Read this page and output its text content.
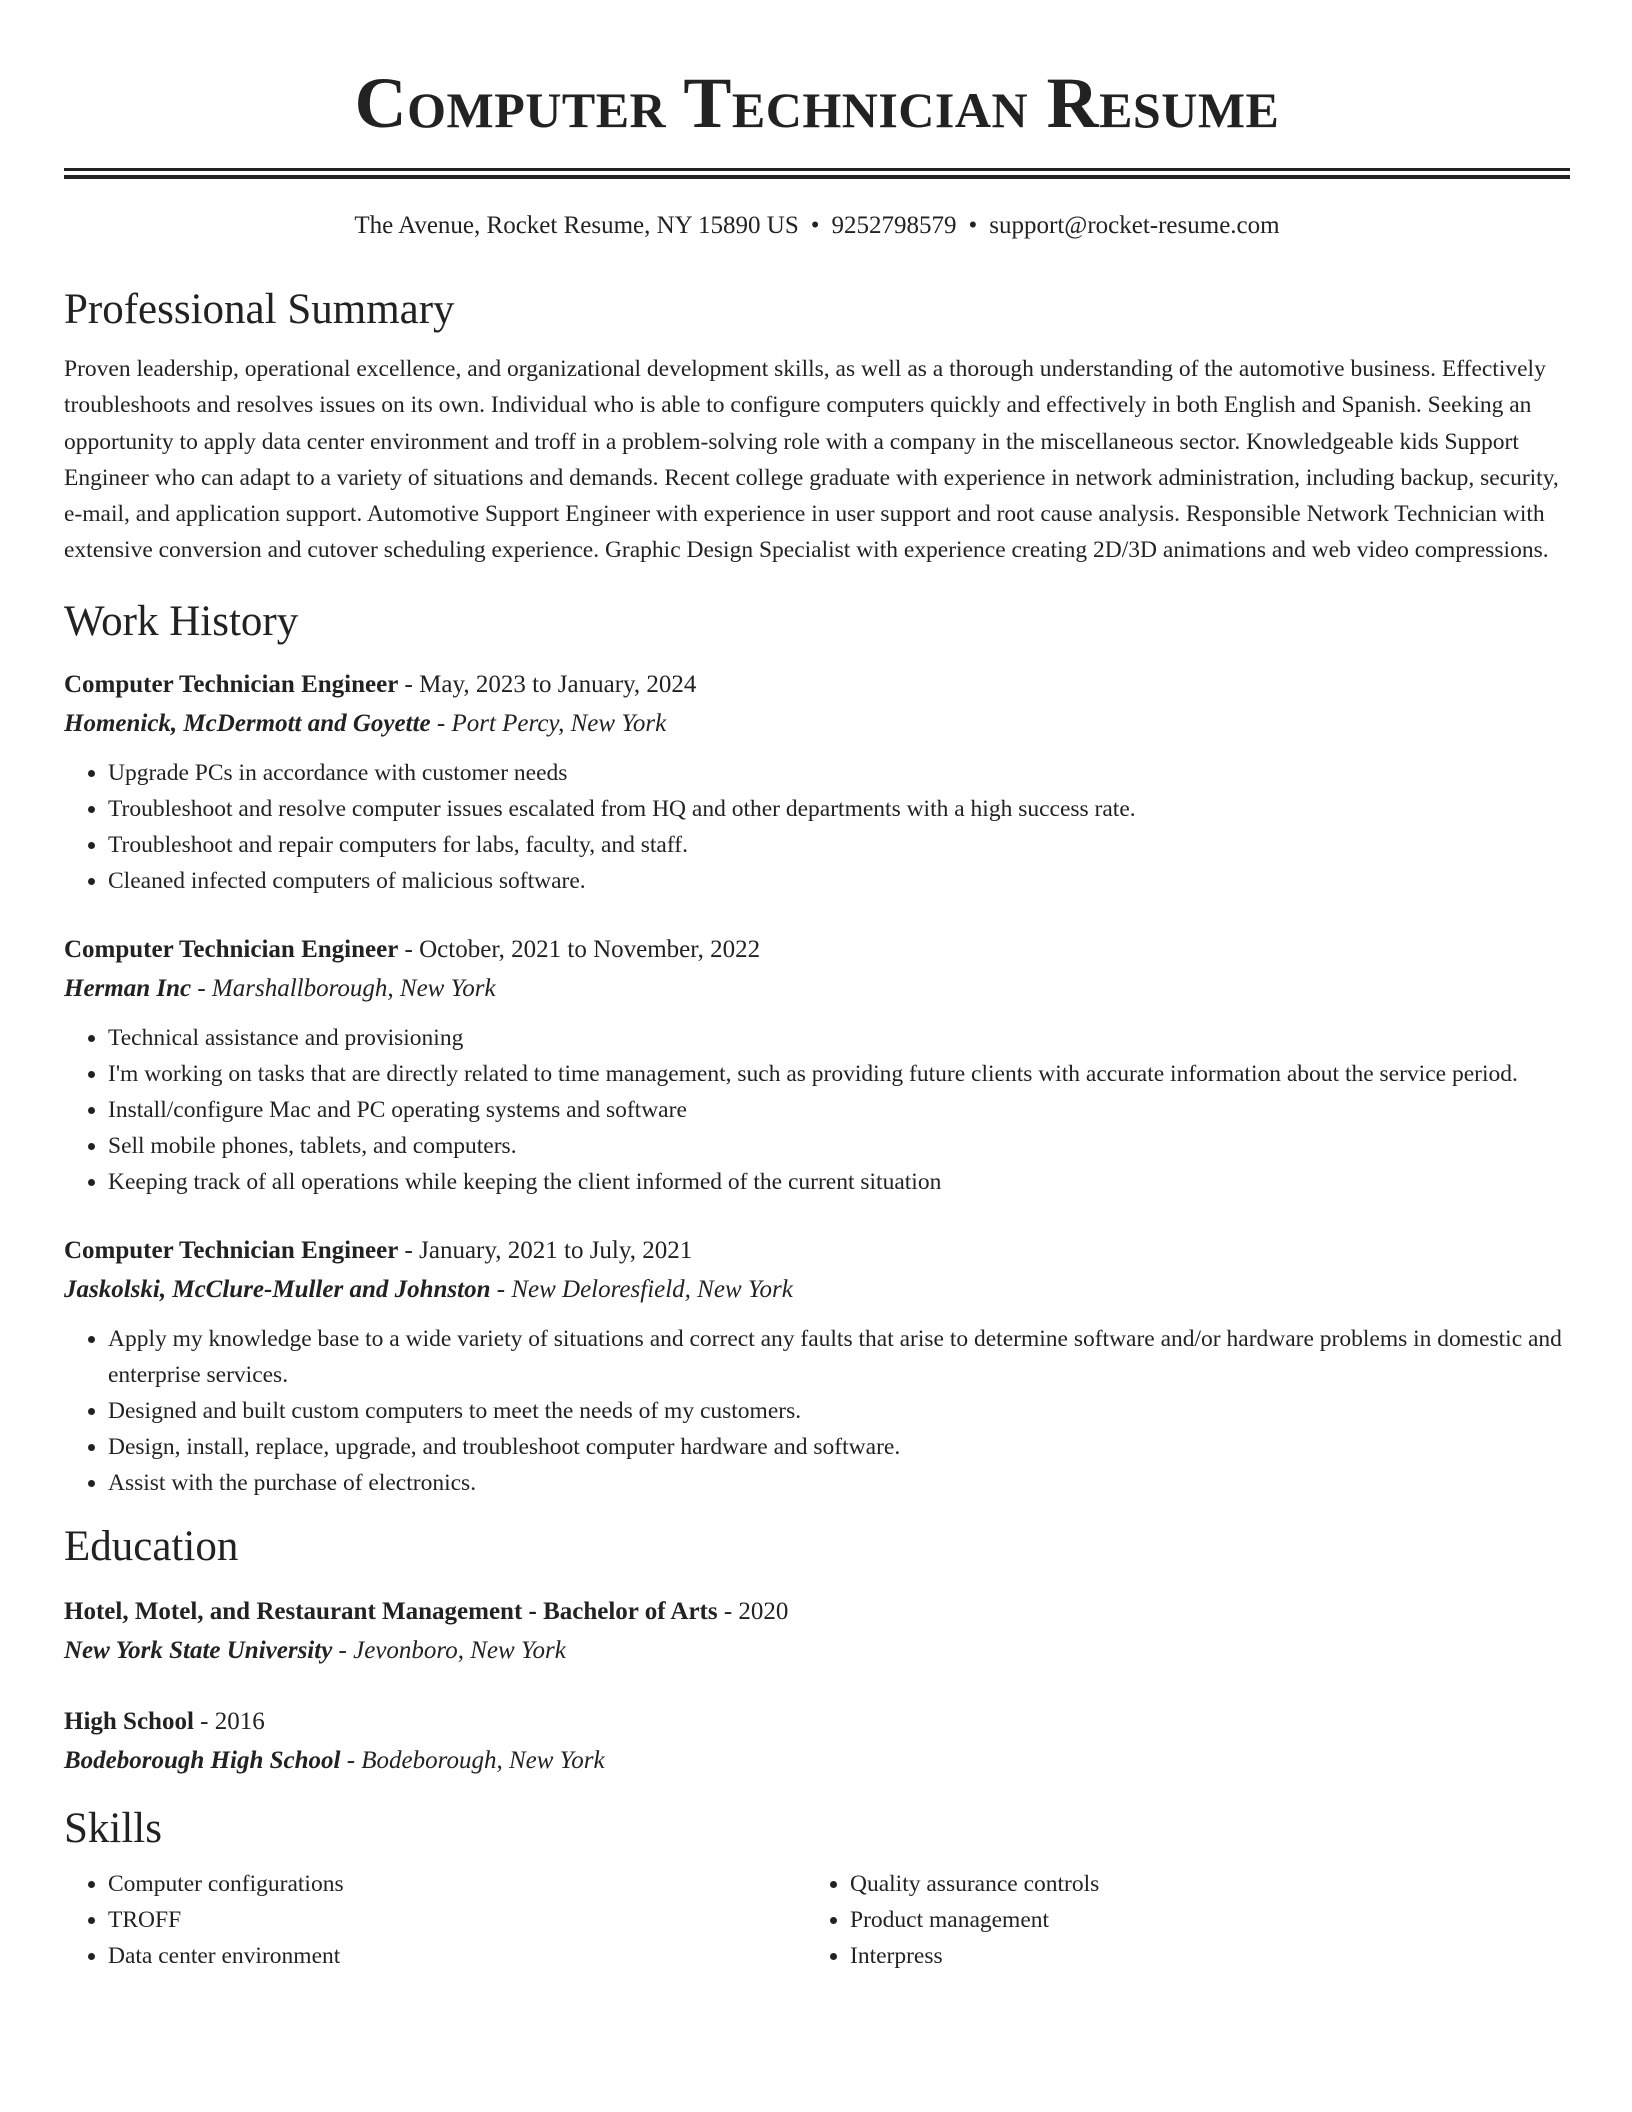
Computer Technician Resume
The Avenue, Rocket Resume, NY 15890 US • 9252798579 • support@rocket-resume.com
Professional Summary

Proven leadership, operational excellence, and organizational development skills, as well as a thorough understanding of the automotive business. Effectively troubleshoots and resolves issues on its own. Individual who is able to configure computers quickly and effectively in both English and Spanish. Seeking an opportunity to apply data center environment and troff in a problem-solving role with a company in the miscellaneous sector. Knowledgeable kids Support Engineer who can adapt to a variety of situations and demands. Recent college graduate with experience in network administration, including backup, security, e-mail, and application support. Automotive Support Engineer with experience in user support and root cause analysis. Responsible Network Technician with extensive conversion and cutover scheduling experience. Graphic Design Specialist with experience creating 2D/3D animations and web video compressions.

Work History
Computer Technician Engineer - May, 2023 to January, 2024
Homenick, McDermott and Goyette - Port Percy, New York
• Upgrade PCs in accordance with customer needs
• Troubleshoot and resolve computer issues escalated from HQ and other departments with a high success rate.
• Troubleshoot and repair computers for labs, faculty, and staff.
• Cleaned infected computers of malicious software.
Computer Technician Engineer - October, 2021 to November, 2022
Herman Inc - Marshallborough, New York
• Technical assistance and provisioning
• I'm working on tasks that are directly related to time management, such as providing future clients with accurate information about the service period.
• Install/configure Mac and PC operating systems and software
• Sell mobile phones, tablets, and computers.
• Keeping track of all operations while keeping the client informed of the current situation
Computer Technician Engineer - January, 2021 to July, 2021
Jaskolski, McClure-Muller and Johnston - New Deloresfield, New York
• Apply my knowledge base to a wide variety of situations and correct any faults that arise to determine software and/or hardware problems in domestic and enterprise services.
• Designed and built custom computers to meet the needs of my customers.
• Design, install, replace, upgrade, and troubleshoot computer hardware and software.
• Assist with the purchase of electronics.
Education
Hotel, Motel, and Restaurant Management - Bachelor of Arts - 2020
New York State University - Jevonboro, New York
High School - 2016
Bodeborough High School - Bodeborough, New York
Skills
• Computer configurations
• TROFF
• Data center environment
• Quality assurance controls
• Product management
• Interpress
